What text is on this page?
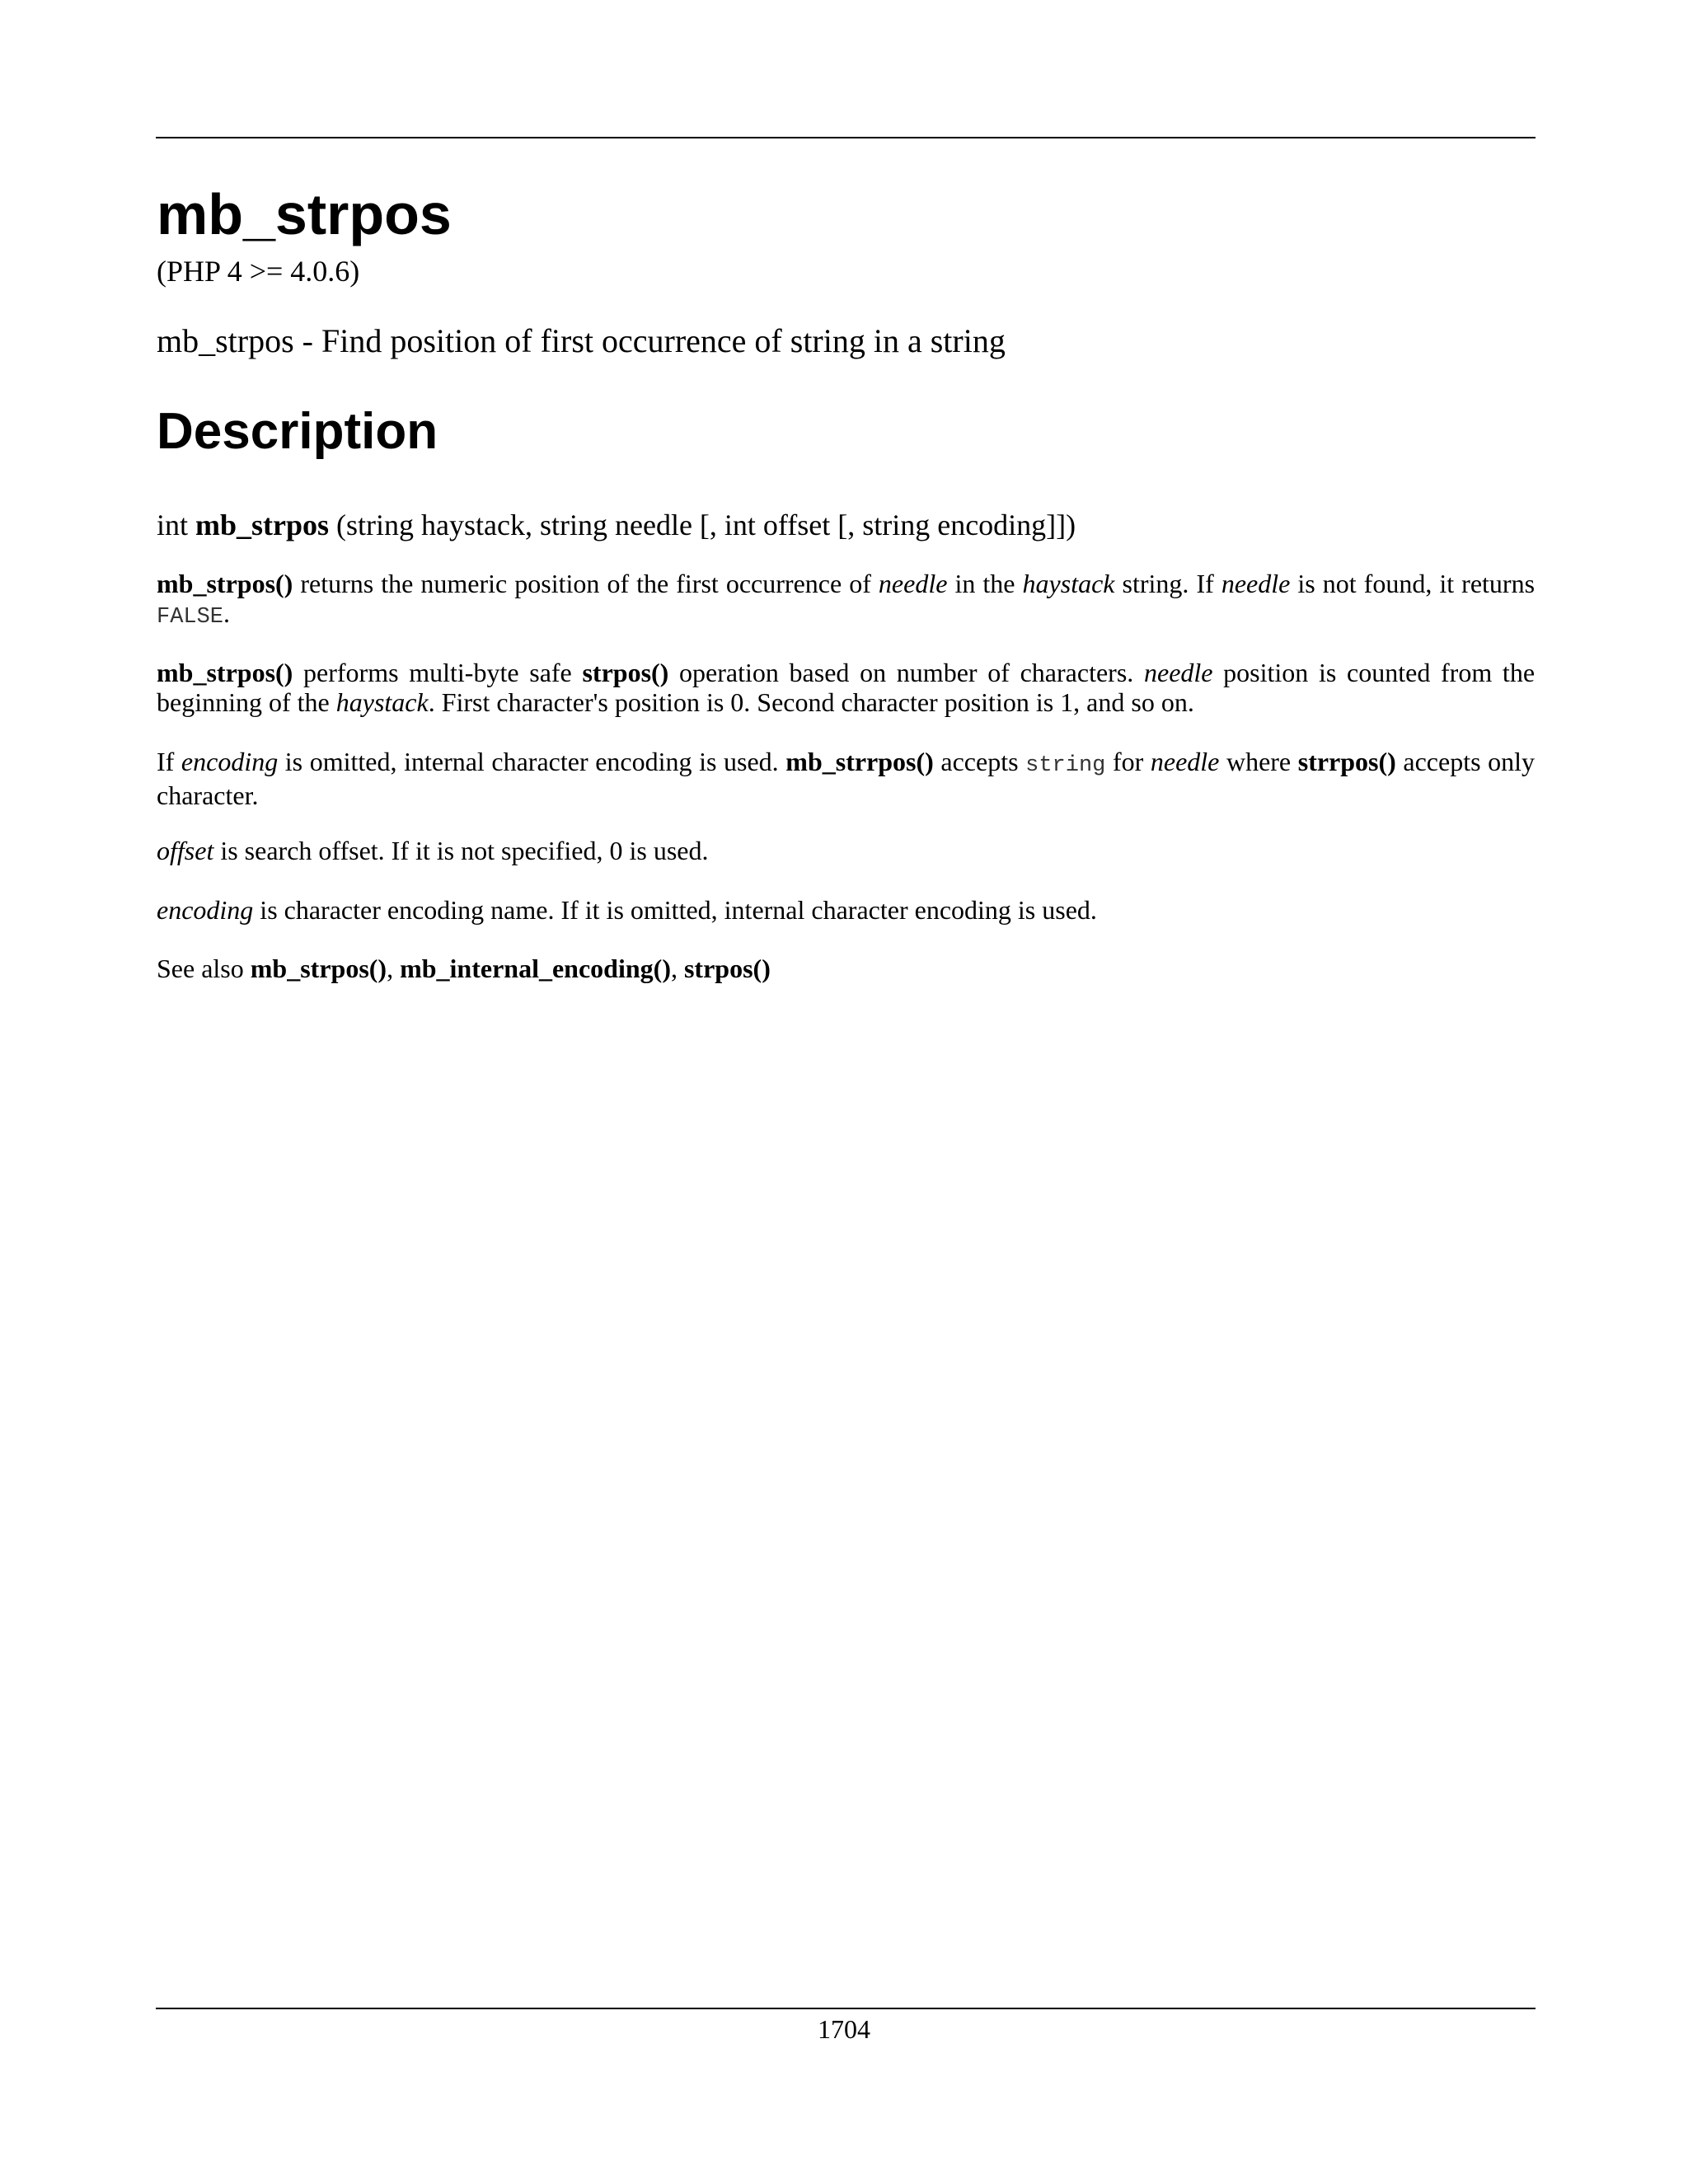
mb_strpos
(PHP 4 >= 4.0.6)
mb_strpos - Find position of first occurrence of string in a string
Description
int mb_strpos (string haystack, string needle [, int offset [, string encoding]])

mb_strpos() returns the numeric position of the first occurrence of needle in the haystack string. If needle is not found, it returns FALSE.

mb_strpos() performs multi-byte safe strpos() operation based on number of characters. needle position is counted from the beginning of the haystack. First character's position is 0. Second character position is 1, and so on.

If encoding is omitted, internal character encoding is used. mb_strrpos() accepts string for needle where strrpos() accepts only character.

offset is search offset. If it is not specified, 0 is used.

encoding is character encoding name. If it is omitted, internal character encoding is used.

See also mb_strpos(), mb_internal_encoding(), strpos()

1704
